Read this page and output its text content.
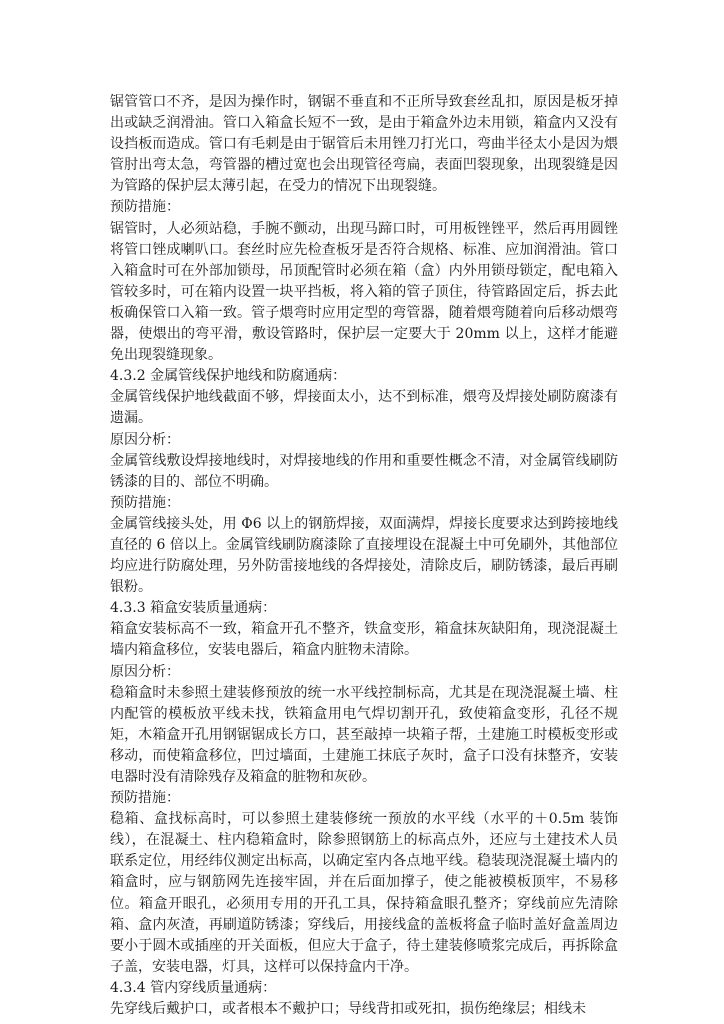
锯管管口不齐，是因为操作时，钢锯不垂直和不正所导致套丝乱扣，原因是板牙掉出或缺乏润滑油。管口入箱盒长短不一致，是由于箱盒外边未用锁，箱盒内又没有设挡板而造成。管口有毛刺是由于锯管后未用锉刀打光口，弯曲半径太小是因为煨管肘出弯太急，弯管器的槽过宽也会出现管径弯扁，表面凹裂现象，出现裂缝是因为管路的保护层太薄引起，在受力的情况下出现裂缝。

预防措施：

锯管时，人必须站稳，手腕不颤动，出现马蹄口时，可用板锉锉平，然后再用圆锉将管口锉成喇叭口。套丝时应先检查板牙是否符合规格、标准、应加润滑油。管口入箱盒时可在外部加锁母，吊顶配管时必须在箱（盒）内外用锁母锁定，配电箱入管较多时，可在箱内设置一块平挡板，将入箱的管子顶住，待管路固定后，拆去此板确保管口入箱一致。管子煨弯时应用定型的弯管器，随着煨弯随着向后移动煨弯器，使煨出的弯平滑，敷设管路时，保护层一定要大于 20mm 以上，这样才能避免出现裂缝现象。

4.3.2 金属管线保护地线和防腐通病：

金属管线保护地线截面不够，焊接面太小，达不到标准，煨弯及焊接处刷防腐漆有遗漏。

原因分析：

金属管线敷设焊接地线时，对焊接地线的作用和重要性概念不清，对金属管线刷防锈漆的目的、部位不明确。

预防措施：

金属管线接头处，用 Φ6 以上的钢筋焊接，双面满焊，焊接长度要求达到跨接地线直径的 6 倍以上。金属管线刷防腐漆除了直接埋设在混凝土中可免刷外，其他部位均应进行防腐处理，另外防雷接地线的各焊接处，清除皮后，刷防锈漆，最后再刷银粉。

4.3.3 箱盒安装质量通病：

箱盒安装标高不一致，箱盒开孔不整齐，铁盒变形，箱盒抹灰缺阳角，现浇混凝土墙内箱盒移位，安装电器后，箱盒内脏物未清除。

原因分析：

稳箱盒时未参照土建装修预放的统一水平线控制标高，尤其是在现浇混凝土墙、柱内配管的模板放平线未找，铁箱盒用电气焊切割开孔，致使箱盒变形，孔径不规矩，木箱盒开孔用钢锯锯成长方口，甚至敲掉一块箱子帮，土建施工时模板变形或移动，而使箱盒移位，凹过墙面，土建施工抹底子灰时，盒子口没有抹整齐，安装电器时没有清除残存及箱盒的脏物和灰砂。

预防措施：

稳箱、盒找标高时，可以参照土建装修统一预放的水平线（水平的＋0.5m 装饰线），在混凝土、柱内稳箱盒时，除参照钢筋上的标高点外，还应与土建技术人员联系定位，用经纬仪测定出标高，以确定室内各点地平线。稳装现浇混凝土墙内的箱盒时，应与钢筋网先连接牢固，并在后面加撑子，使之能被模板顶牢，不易移位。箱盒开眼孔，必须用专用的开孔工具，保持箱盒眼孔整齐；穿线前应先清除箱、盒内灰渣，再刷道防锈漆；穿线后，用接线盒的盖板将盒子临时盖好盒盖周边要小于圆木或插座的开关面板，但应大于盒子，待土建装修喷浆完成后，再拆除盒子盖，安装电器，灯具，这样可以保持盒内干净。

4.3.4 管内穿线质量通病：

先穿线后戴护口，或者根本不戴护口；导线背扣或死扣，损伤绝缘层；相线未
